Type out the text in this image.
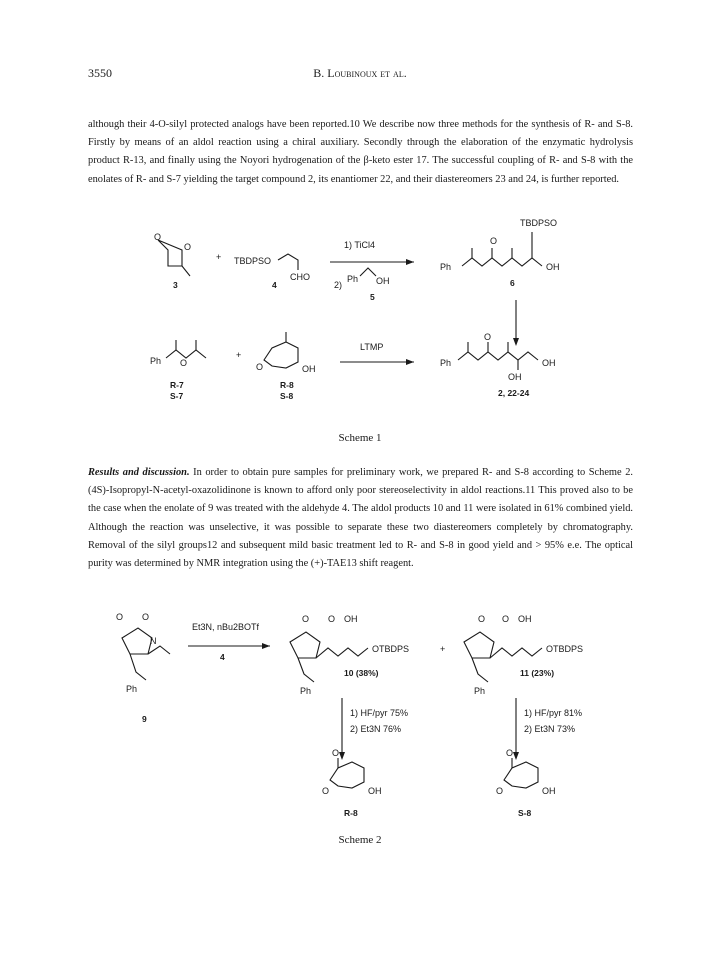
3550	B. Loubinoux et al.
although their 4-O-silyl protected analogs have been reported.10 We describe now three methods for the synthesis of R- and S-8. Firstly by means of an aldol reaction using a chiral auxiliary. Secondly through the elaboration of the enzymatic hydrolysis product R-13, and finally using the Noyori hydrogenation of the β-keto ester 17. The successful coupling of R- and S-8 with the enolates of R- and S-7 yielding the target compound 2, its enantiomer 22, and their diastereomers 23 and 24, is further reported.
O
O
3
+ TBDPSO
CHO
4
1) TiCl4
2)
Ph OH
5
TBDPSO
Ph
O
OH
6
Ph O
R-7
S-7
+
O	OH
R-8
S-8
LTMP
Ph
O
OH
OH
2, 22-24
Scheme 1
Results and discussion. In order to obtain pure samples for preliminary work, we prepared R- and S-8 according to Scheme 2. (4S)-Isopropyl-N-acetyl-oxazolidinone is known to afford only poor stereoselectivity in aldol reactions.11 This proved also to be the case when the enolate of 9 was treated with the aldehyde 4. The aldol products 10 and 11 were isolated in 61% combined yield. Although the reaction was unselective, it was possible to separate these two diastereomers completely by chromatography. Removal of the silyl groups12 and subsequent mild basic treatment led to R- and S-8 in good yield and > 95% e.e. The optical purity was determined by NMR integration using the (+)-TAE13 shift reagent.
O O
N
Ph
9
Et3N, nBu2BOTf
4
O O OH
OTBDPS
Ph
10 (38%)
+
O O OH
OTBDPS
Ph
11 (23%)
1) HF/pyr 75%
2) Et3N 76%
1) HF/pyr 81%
2) Et3N 73%
O
O	OH
R-8
O
O	OH
S-8
Scheme 2
